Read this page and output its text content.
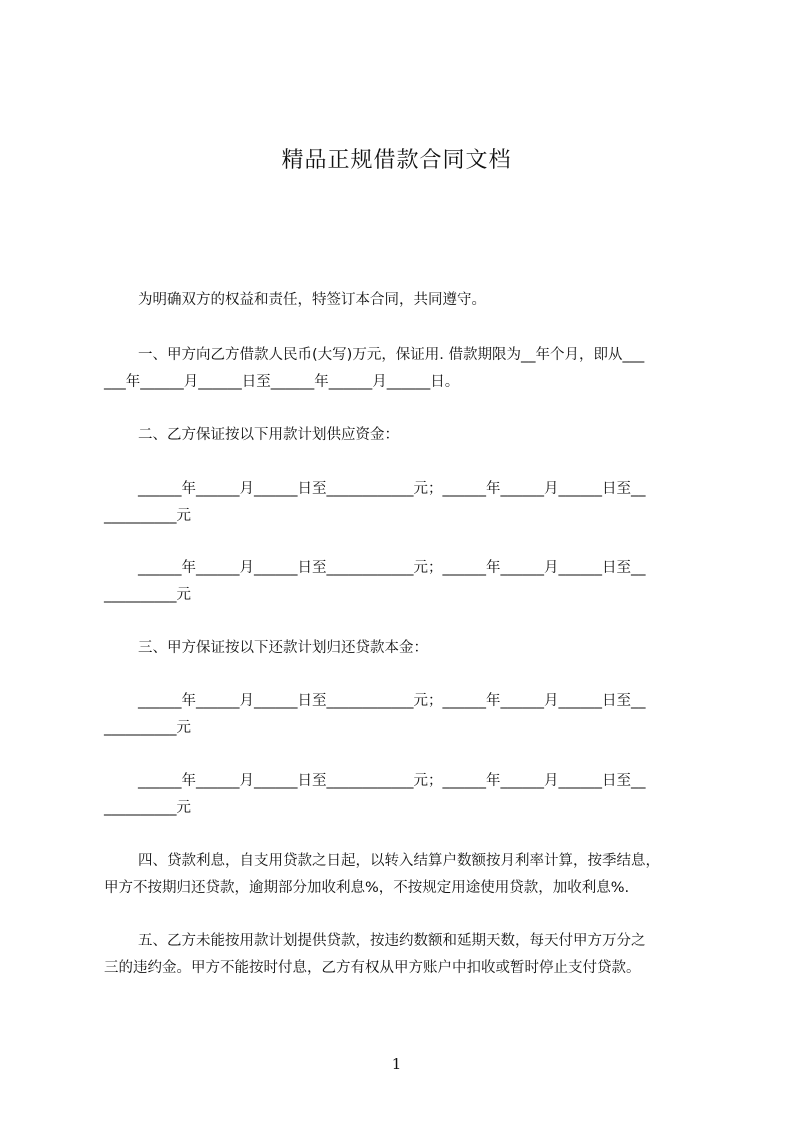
精品正规借款合同文档
为明确双方的权益和责任，特签订本合同，共同遵守。
一、甲方向乙方借款人民币(大写)万元，保证用. 借款期限为__年个月，即从___
___年______月______日至______年______月______日。
二、乙方保证按以下用款计划供应资金：
______年______月______日至____________元；______年______月______日至__
__________元
______年______月______日至____________元；______年______月______日至__
__________元
三、甲方保证按以下还款计划归还贷款本金：
______年______月______日至____________元；______年______月______日至__
__________元
______年______月______日至____________元；______年______月______日至__
__________元
四、贷款利息，自支用贷款之日起，以转入结算户数额按月利率计算，按季结息，
甲方不按期归还贷款，逾期部分加收利息%，不按规定用途使用贷款，加收利息%.
五、乙方未能按用款计划提供贷款，按违约数额和延期天数，每天付甲方万分之
三的违约金。甲方不能按时付息，乙方有权从甲方账户中扣收或暂时停止支付贷款。
1
